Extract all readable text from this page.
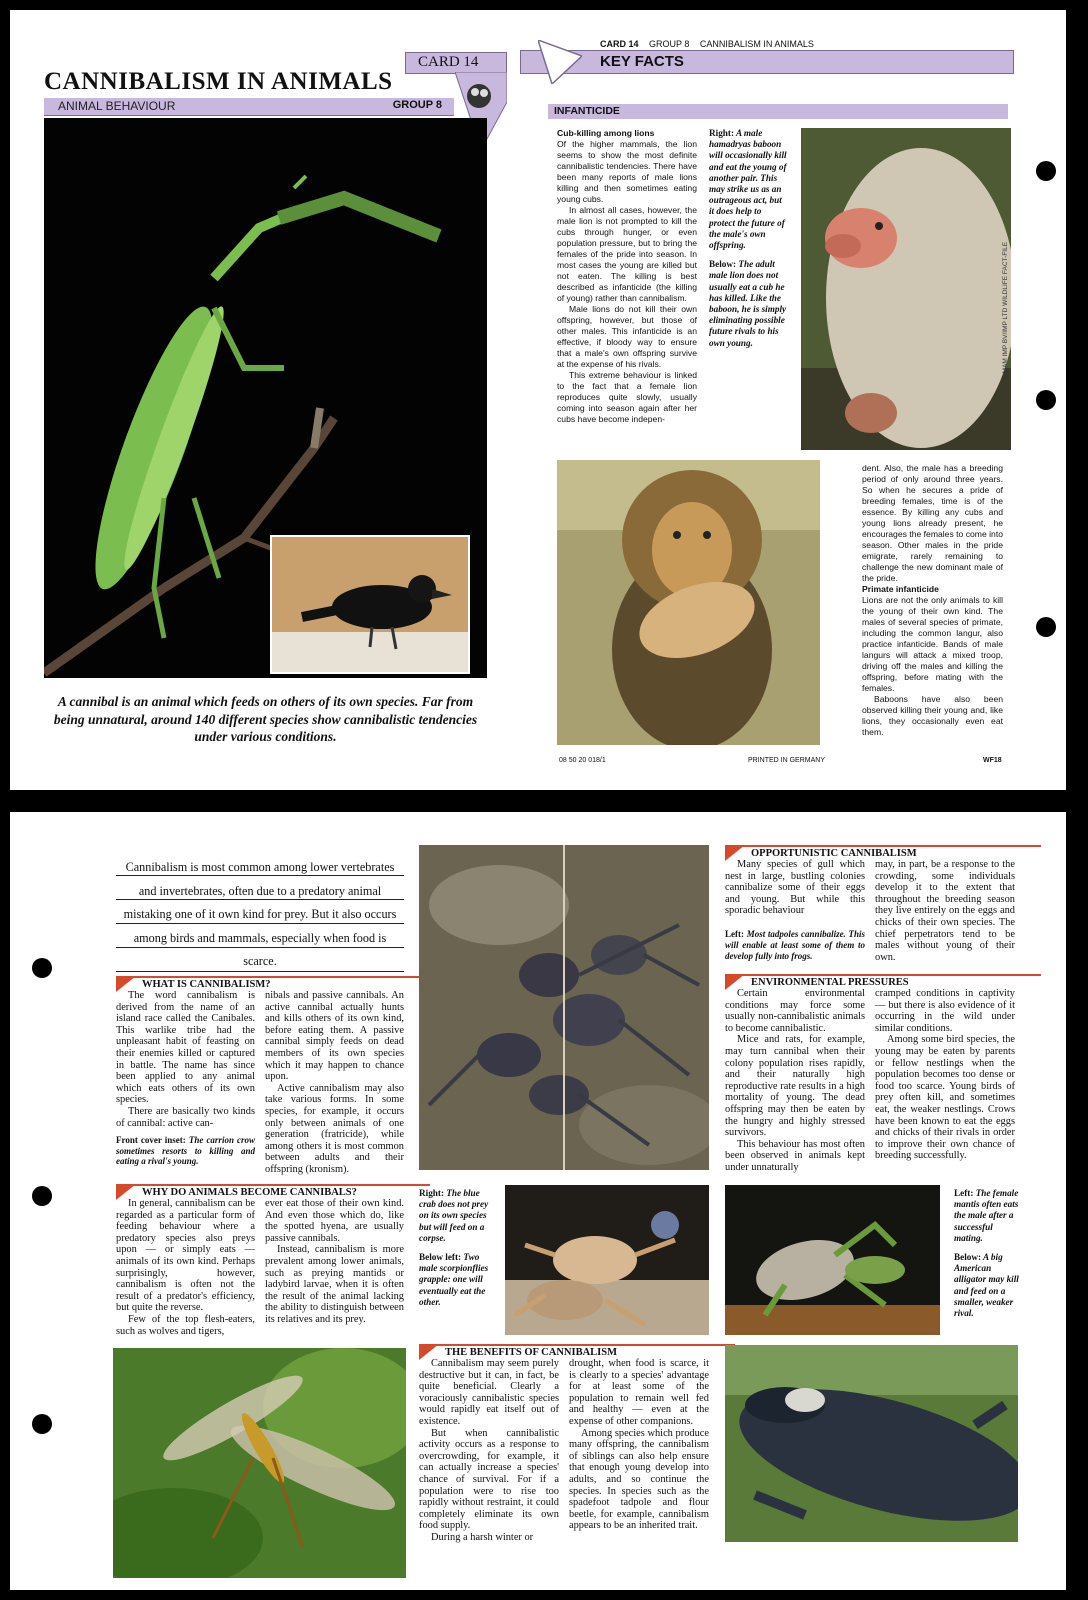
CANNIBALISM IN ANIMALS
CARD 14
ANIMAL BEHAVIOUR	GROUP 8
A cannibal is an animal which feeds on others of its own species. Far from being unnatural, around 140 different species show cannibalistic tendencies under various conditions.
CARD 14 GROUP 8 CANNIBALISM IN ANIMALS
KEY FACTS
INFANTICIDE

Cub-killing among lions

Of the higher mammals, the lion seems to show the most definite cannibalistic tendencies. There have been many reports of male lions killing and then sometimes eating young cubs.

In almost all cases, however, the male lion is not prompted to kill the cubs through hunger, or even population pressure, but to bring the females of the pride into season. In most cases the young are killed but not eaten. The killing is best described as infanticide (the killing of young) rather than cannibalism.

Male lions do not kill their own offspring, however, but those of other males. This infanticide is an effective, if bloody way to ensure that a male's own offspring survive at the expense of his rivals.

This extreme behaviour is linked to the fact that a female lion reproduces quite slowly, usually coming into season again after her cubs have become indepen-

Right: A male hamadryas baboon will occasionally kill and eat the young of another pair. This may strike us as an outrageous act, but it does help to protect the future of the male's own offspring.

Below: The adult male lion does not usually eat a cub he has killed. Like the baboon, he is simply eliminating possible future rivals to his own young.

dent. Also, the male has a breeding period of only around three years. So when he secures a pride of breeding females, time is of the essence. By killing any cubs and young lions already present, he encourages the females to come into season. Other males in the pride emigrate, rarely remaining to challenge the new dominant male of the pride.

Primate infanticide

Lions are not the only animals to kill the young of their own kind. The males of several species of primate, including the common langur, also practice infanticide. Bands of male langurs will attack a mixed troop, driving off the males and killing the offspring, before mating with the females.

Baboons have also been observed killing their young and, like lions, they occasionally even eat them.

© MAM IMP BV/IMP LTD WILDLIFE FACT-FILE
08 50 20 018/1	PRINTED IN GERMANY	WF18
Cannibalism is most common among lower vertebrates and invertebrates, often due to a predatory animal mistaking one of it own kind for prey. But it also occurs among birds and mammals, especially when food is scarce.
WHAT IS CANNIBALISM?

The word cannibalism is derived from the name of an island race called the Canibales. This warlike tribe had the unpleasant habit of feasting on their enemies killed or captured in battle. The name has since been applied to any animal which eats others of its own species.

There are basically two kinds of cannibal: active can-

Front cover inset: The carrion crow sometimes resorts to killing and eating a rival's young.

nibals and passive cannibals. An active cannibal actually hunts and kills others of its own kind, before eating them. A passive cannibal simply feeds on dead members of its own species which it may happen to chance upon.

Active cannibalism may also take various forms. In some species, for example, it occurs only between animals of one generation (fratricide), while among others it is most common between adults and their offspring (kronism).

WHY DO ANIMALS BECOME CANNIBALS?

In general, cannibalism can be regarded as a particular form of feeding behaviour where a predatory species also preys upon — or simply eats — animals of its own kind. Perhaps surprisingly, however, cannibalism is often not the result of a predator's efficiency, but quite the reverse.

Few of the top flesh-eaters, such as wolves and tigers,

ever eat those of their own kind. And even those which do, like the spotted hyena, are usually passive cannibals.

Instead, cannibalism is more prevalent among lower animals, such as preying mantids or ladybird larvae, when it is often the result of the animal lacking the ability to distinguish between its relatives and its prey.

OPPORTUNISTIC CANNIBALISM

Many species of gull which nest in large, bustling colonies cannibalize some of their eggs and young. But while this sporadic behaviour

Left: Most tadpoles cannibalize. This will enable at least some of them to develop fully into frogs.

may, in part, be a response to the crowding, some individuals develop it to the extent that throughout the breeding season they live entirely on the eggs and chicks of their own species. The chief perpetrators tend to be males without young of their own.

ENVIRONMENTAL PRESSURES

Certain environmental conditions may force some usually non-cannibalistic animals to become cannibalistic.

Mice and rats, for example, may turn cannibal when their colony population rises rapidly, and their naturally high reproductive rate results in a high mortality of young. The dead offspring may then be eaten by the hungry and highly stressed survivors.

This behaviour has most often been observed in animals kept under unnaturally

cramped conditions in captivity — but there is also evidence of it occurring in the wild under similar conditions.

Among some bird species, the young may be eaten by parents or fellow nestlings when the population becomes too dense or food too scarce. Young birds of prey often kill, and sometimes eat, the weaker nestlings. Crows have been known to eat the eggs and chicks of their rivals in order to improve their own chance of breeding successfully.

Right: The blue crab does not prey on its own species but will feed on a corpse.

Below left: Two male scorpionflies grapple: one will eventually eat the other.

Left: The female mantis often eats the male after a successful mating.

Below: A big American alligator may kill and feed on a smaller, weaker rival.

THE BENEFITS OF CANNIBALISM

Cannibalism may seem purely destructive but it can, in fact, be quite beneficial. Clearly a voraciously cannibalistic species would rapidly eat itself out of existence.

But when cannibalistic activity occurs as a response to overcrowding, for example, it can actually increase a species' chance of survival. For if a population were to rise too rapidly without restraint, it could completely eliminate its own food supply.

During a harsh winter or

drought, when food is scarce, it is clearly to a species' advantage for at least some of the population to remain well fed and healthy — even at the expense of other companions.

Among species which produce many offspring, the cannibalism of siblings can also help ensure that enough young develop into adults, and so continue the species. In species such as the spadefoot tadpole and flour beetle, for example, cannibalism appears to be an inherited trait.
